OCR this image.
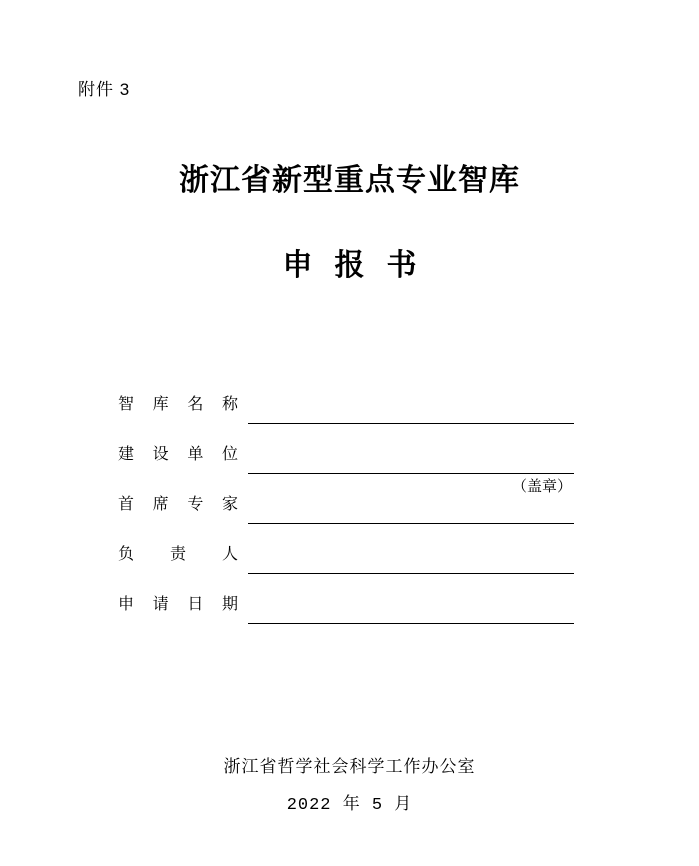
附件 3
浙江省新型重点专业智库
申报书
智 库 名 称
建 设 单 位
（盖章）
首 席 专 家
负 责 人
申 请 日 期
浙江省哲学社会科学工作办公室
2022 年 5 月
